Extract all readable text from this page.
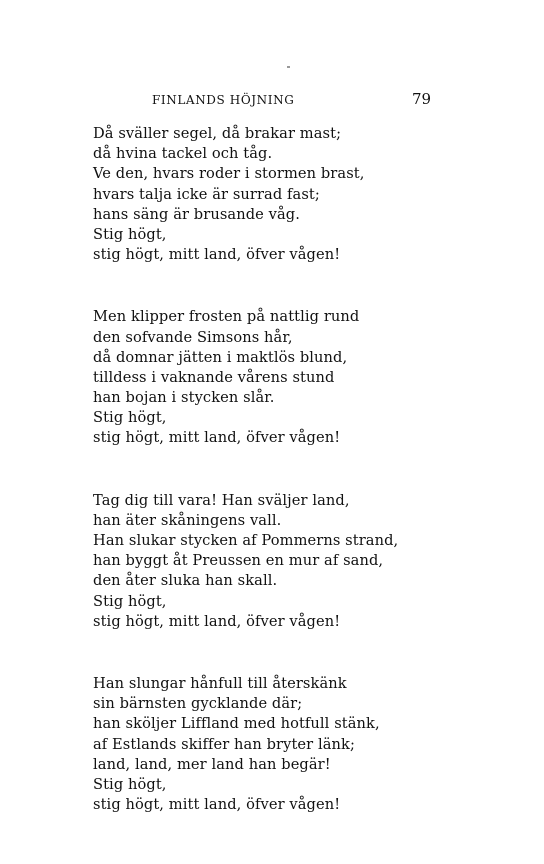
FINLANDS HÖJNING	79
Då sväller segel, då brakar mast;
då hvina tackel och tåg.
Ve den, hvars roder i stormen brast,
hvars talja icke är surrad fast;
hans säng är brusande våg.
Stig högt,
stig högt, mitt land, öfver vågen!
Men klipper frosten på nattlig rund
den sofvande Simsons hår,
då domnar jätten i maktlös blund,
tilldess i vaknande vårens stund
han bojan i stycken slår.
Stig högt,
stig högt, mitt land, öfver vågen!
Tag dig till vara! Han sväljer land,
han äter skåningens vall.
Han slukar stycken af Pommerns strand,
han byggt åt Preussen en mur af sand,
den åter sluka han skall.
Stig högt,
stig högt, mitt land, öfver vågen!
Han slungar hånfull till återskänk
sin bärnsten gycklande där;
han sköljer Liffland med hotfull stänk,
af Estlands skiffer han bryter länk;
land, land, mer land han begär!
Stig högt,
stig högt, mitt land, öfver vågen!
